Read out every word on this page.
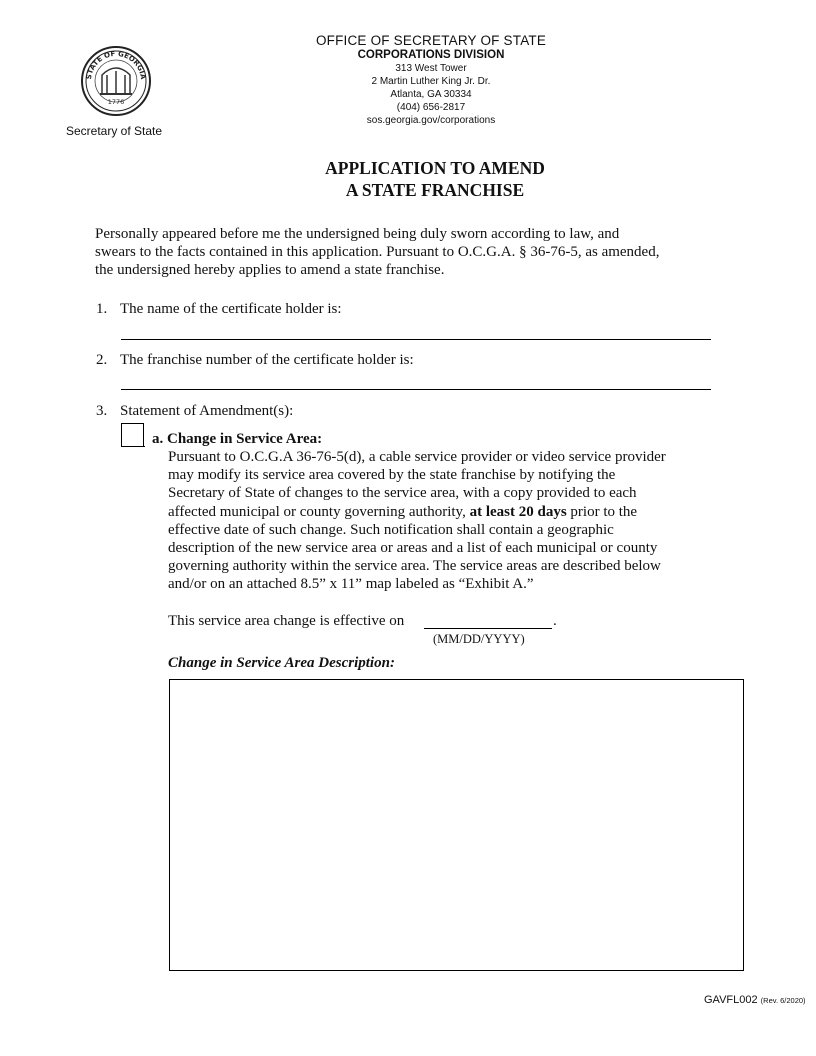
STATE OF GEORGIA
1776
Secretary of State
OFFICE OF SECRETARY OF STATE
CORPORATIONS DIVISION
313 West Tower
2 Martin Luther King Jr. Dr.
Atlanta, GA 30334
(404) 656-2817
sos.georgia.gov/corporations
APPLICATION TO AMEND
A STATE FRANCHISE
Personally appeared before me the undersigned being duly sworn according to law, and
swears to the facts contained in this application. Pursuant to O.C.G.A. § 36-76-5, as amended,
the undersigned hereby applies to amend a state franchise.
1. The name of the certificate holder is:
2. The franchise number of the certificate holder is:
3. Statement of Amendment(s):
a. Change in Service Area:

Pursuant to O.C.G.A 36-76-5(d), a cable service provider or video service provider

may modify its service area covered by the state franchise by notifying the

Secretary of State of changes to the service area, with a copy provided to each

affected municipal or county governing authority, at least 20 days prior to the

effective date of such change. Such notification shall contain a geographic

description of the new service area or areas and a list of each municipal or county

governing authority within the service area. The service areas are described below

and/or on an attached 8.5” x 11” map labeled as “Exhibit A.”

This service area change is effective on	.
(MM/DD/YYYY)
Change in Service Area Description:
GAVFL002 (Rev. 6/2020)
